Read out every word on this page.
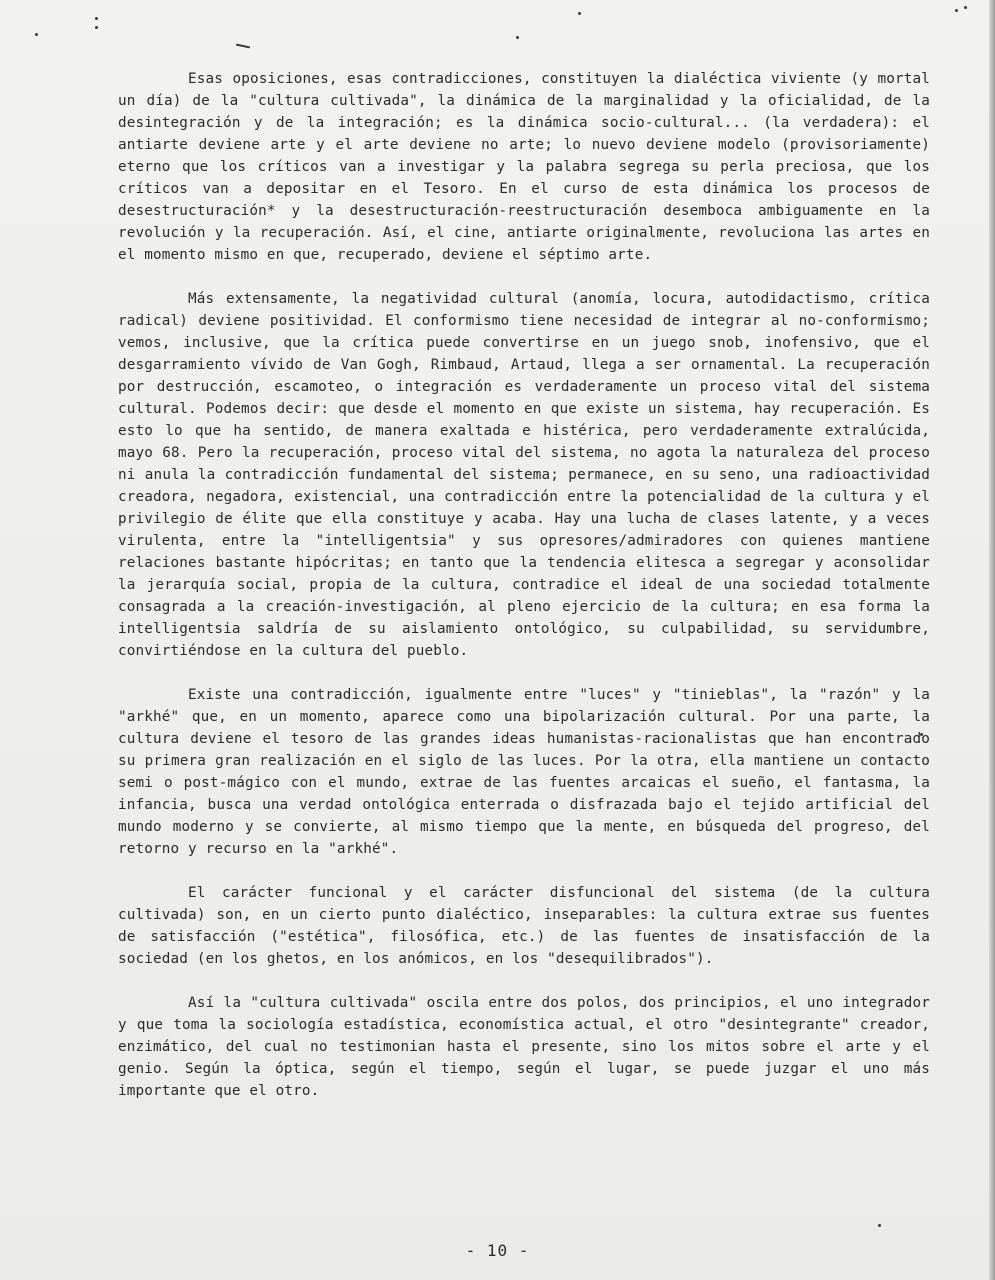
Esas oposiciones, esas contradicciones, constituyen la dialéctica viviente (y mortal un día) de la "cultura cultivada", la dinámica de la marginalidad y la oficialidad, de la desintegración y de la integración; es la dinámica socio-cultural... (la verdadera): el antiarte deviene arte y el arte deviene no arte; lo nuevo deviene modelo (provisoriamente) eterno que los críticos van a investigar y la palabra segrega su perla preciosa, que los críticos van a depositar en el Tesoro. En el curso de esta dinámica los procesos de desestructuración* y la desestructuración-reestructuración desemboca ambiguamente en la revolución y la recuperación. Así, el cine, antiarte originalmente, revoluciona las artes en el momento mismo en que, recuperado, deviene el séptimo arte.

Más extensamente, la negatividad cultural (anomía, locura, autodidactismo, crítica radical) deviene positividad. El conformismo tiene necesidad de integrar al no-conformismo; vemos, inclusive, que la crítica puede convertirse en un juego snob, inofensivo, que el desgarramiento vívido de Van Gogh, Rimbaud, Artaud, llega a ser ornamental. La recuperación por destrucción, escamoteo, o integración es verdaderamente un proceso vital del sistema cultural. Podemos decir: que desde el momento en que existe un sistema, hay recuperación. Es esto lo que ha sentido, de manera exaltada e histérica, pero verdaderamente extralúcida, mayo 68. Pero la recuperación, proceso vital del sistema, no agota la naturaleza del proceso ni anula la contradicción fundamental del sistema; permanece, en su seno, una radioactividad creadora, negadora, existencial, una contradicción entre la potencialidad de la cultura y el privilegio de élite que ella constituye y acaba. Hay una lucha de clases latente, y a veces virulenta, entre la "intelligentsia" y sus opresores/admiradores con quienes mantiene relaciones bastante hipócritas; en tanto que la tendencia elitesca a segregar y aconsolidar la jerarquía social, propia de la cultura, contradice el ideal de una sociedad totalmente consagrada a la creación-investigación, al pleno ejercicio de la cultura; en esa forma la intelligentsia saldría de su aislamiento ontológico, su culpabilidad, su servidumbre, convirtiéndose en la cultura del pueblo.

Existe una contradicción, igualmente entre "luces" y "tinieblas", la "razón" y la "arkhé" que, en un momento, aparece como una bipolarización cultural. Por una parte, la cultura deviene el tesoro de las grandes ideas humanistas-racionalistas que han encontrado su primera gran realización en el siglo de las luces. Por la otra, ella mantiene un contacto semi o post-mágico con el mundo, extrae de las fuentes arcaicas el sueño, el fantasma, la infancia, busca una verdad ontológica enterrada o disfrazada bajo el tejido artificial del mundo moderno y se convierte, al mismo tiempo que la mente, en búsqueda del progreso, del retorno y recurso en la "arkhé".

El carácter funcional y el carácter disfuncional del sistema (de la cultura cultivada) son, en un cierto punto dialéctico, inseparables: la cultura extrae sus fuentes de satisfacción ("estética", filosófica, etc.) de las fuentes de insatisfacción de la sociedad (en los ghetos, en los anómicos, en los "desequilibrados").

Así la "cultura cultivada" oscila entre dos polos, dos principios, el uno integrador y que toma la sociología estadística, economística actual, el otro "desintegrante" creador, enzimático, del cual no testimonian hasta el presente, sino los mitos sobre el arte y el genio. Según la óptica, según el tiempo, según el lugar, se puede juzgar el uno más importante que el otro.

- 10 -
